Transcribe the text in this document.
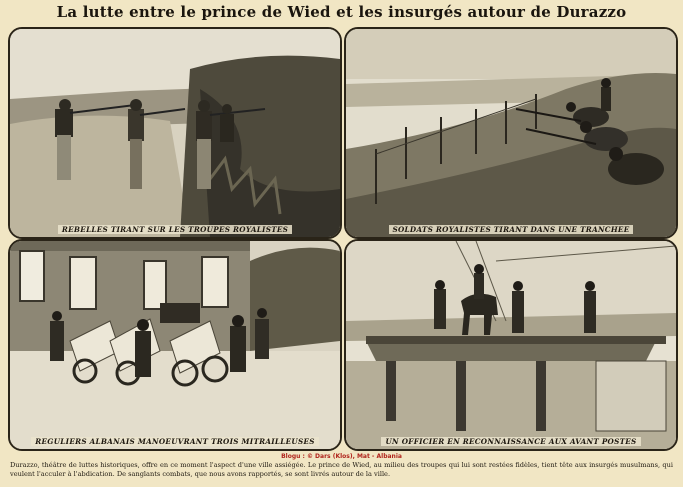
La lutte entre le prince de Wied et les insurgés autour de Durazzo
REBELLES TIRANT SUR LES TROUPES ROYALISTES	SOLDATS ROYALISTES TIRANT DANS UNE TRANCHEE
REGULIERS ALBANAIS MANOEUVRANT TROIS MITRAILLEUSES	UN OFFICIER EN RECONNAISSANCE AUX AVANT POSTES
Blogu : © Dars (Klos), Mat - Albania
Durazzo, théâtre de luttes historiques, offre en ce moment l'aspect d'une ville assiégée. Le prince de Wied, au milieu des troupes qui lui sont restées fidèles, tient tête aux insurgés musulmans, qui veulent l'acculer à l'abdication. De sanglants combats, que nous avons rapportés, se sont livrés autour de la ville.
